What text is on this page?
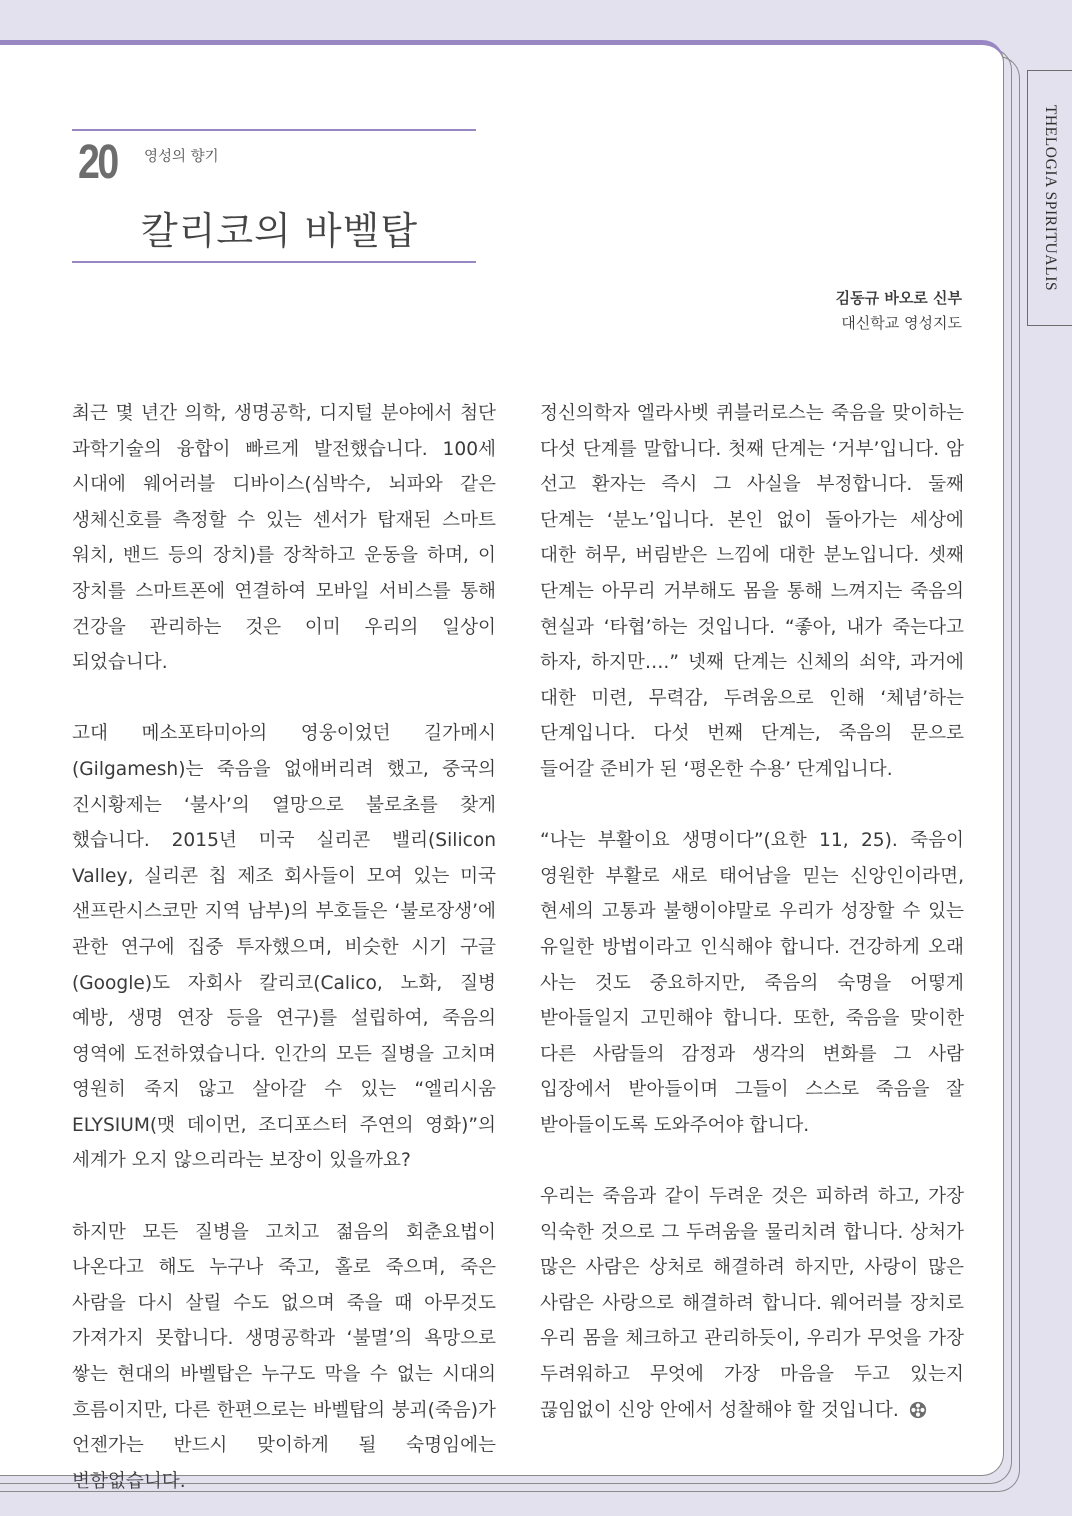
THELOGIA SPIRITUALIS
20 영성의 향기
칼리코의 바벨탑
김동규 바오로 신부
대신학교 영성지도

최근 몇 년간 의학, 생명공학, 디지털 분야에서 첨단 과학기술의 융합이 빠르게 발전했습니다. 100세 시대에 웨어러블 디바이스(심박수, 뇌파와 같은 생체신호를 측정할 수 있는 센서가 탑재된 스마트 워치, 밴드 등의 장치)를 장착하고 운동을 하며, 이 장치를 스마트폰에 연결하여 모바일 서비스를 통해 건강을 관리하는 것은 이미 우리의 일상이 되었습니다.

고대 메소포타미아의 영웅이었던 길가메시(Gilgamesh)는 죽음을 없애버리려 했고, 중국의 진시황제는 ‘불사’의 열망으로 불로초를 찾게 했습니다. 2015년 미국 실리콘 밸리(Silicon Valley, 실리콘 칩 제조 회사들이 모여 있는 미국 샌프란시스코만 지역 남부)의 부호들은 ‘불로장생’에 관한 연구에 집중 투자했으며, 비슷한 시기 구글(Google)도 자회사 칼리코(Calico, 노화, 질병 예방, 생명 연장 등을 연구)를 설립하여, 죽음의 영역에 도전하였습니다. 인간의 모든 질병을 고치며 영원히 죽지 않고 살아갈 수 있는 “엘리시움 ELYSIUM(맷 데이먼, 조디포스터 주연의 영화)”의 세계가 오지 않으리라는 보장이 있을까요?

하지만 모든 질병을 고치고 젊음의 회춘요법이 나온다고 해도 누구나 죽고, 홀로 죽으며, 죽은 사람을 다시 살릴 수도 없으며 죽을 때 아무것도 가져가지 못합니다. 생명공학과 ‘불멸’의 욕망으로 쌓는 현대의 바벨탑은 누구도 막을 수 없는 시대의 흐름이지만, 다른 한편으로는 바벨탑의 붕괴(죽음)가 언젠가는 반드시 맞이하게 될 숙명임에는 변함없습니다.

정신의학자 엘라사벳 퀴블러로스는 죽음을 맞이하는 다섯 단계를 말합니다. 첫째 단계는 ‘거부’입니다. 암 선고 환자는 즉시 그 사실을 부정합니다. 둘째 단계는 ‘분노’입니다. 본인 없이 돌아가는 세상에 대한 허무, 버림받은 느낌에 대한 분노입니다. 셋째 단계는 아무리 거부해도 몸을 통해 느껴지는 죽음의 현실과 ‘타협’하는 것입니다. “좋아, 내가 죽는다고 하자, 하지만….” 넷째 단계는 신체의 쇠약, 과거에 대한 미련, 무력감, 두려움으로 인해 ‘체념’하는 단계입니다. 다섯 번째 단계는, 죽음의 문으로 들어갈 준비가 된 ‘평온한 수용’ 단계입니다.

“나는 부활이요 생명이다”(요한 11, 25). 죽음이 영원한 부활로 새로 태어남을 믿는 신앙인이라면, 현세의 고통과 불행이야말로 우리가 성장할 수 있는 유일한 방법이라고 인식해야 합니다. 건강하게 오래 사는 것도 중요하지만, 죽음의 숙명을 어떻게 받아들일지 고민해야 합니다. 또한, 죽음을 맞이한 다른 사람들의 감정과 생각의 변화를 그 사람 입장에서 받아들이며 그들이 스스로 죽음을 잘 받아들이도록 도와주어야 합니다.

우리는 죽음과 같이 두려운 것은 피하려 하고, 가장 익숙한 것으로 그 두려움을 물리치려 합니다. 상처가 많은 사람은 상처로 해결하려 하지만, 사랑이 많은 사람은 사랑으로 해결하려 합니다. 웨어러블 장치로 우리 몸을 체크하고 관리하듯이, 우리가 무엇을 가장 두려워하고 무엇에 가장 마음을 두고 있는지 끊임없이 신앙 안에서 성찰해야 할 것입니다.
